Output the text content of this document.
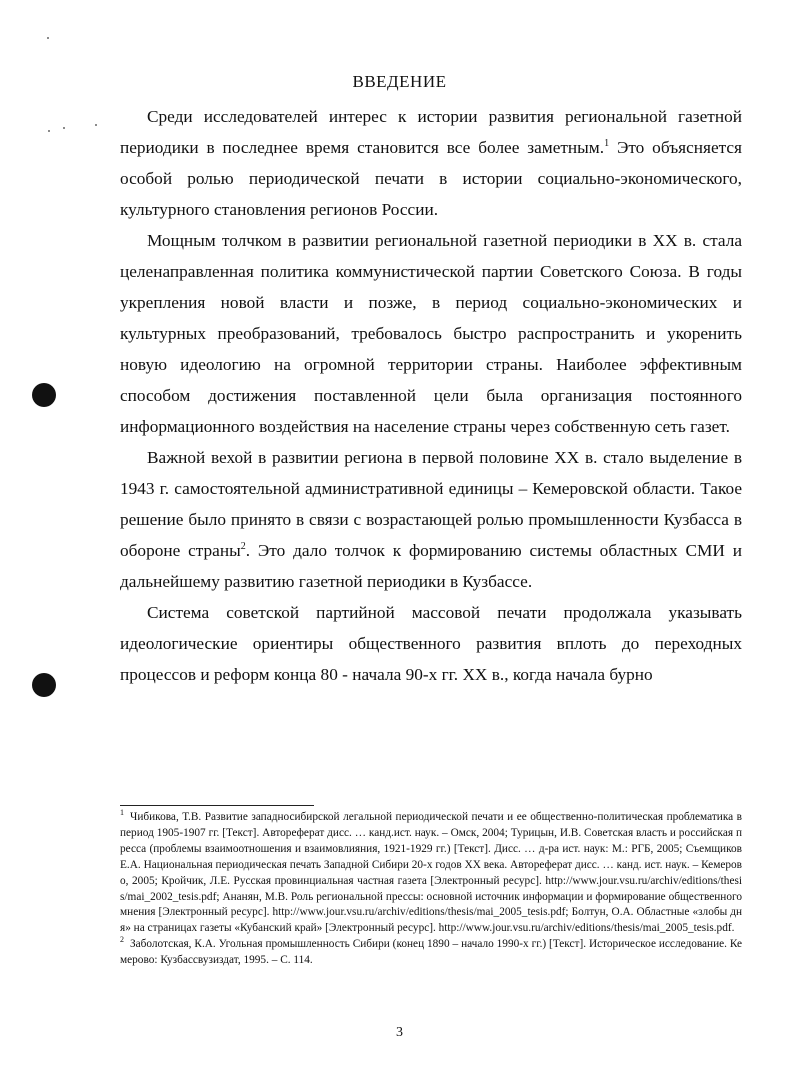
ВВЕДЕНИЕ

Среди исследователей интерес к истории развития региональной газетной периодики в последнее время становится все более заметным.$^1$ Это объясняется особой ролью периодической печати в истории социально-экономического, культурного становления регионов России.

Мощным толчком в развитии региональной газетной периодики в XX в. стала целенаправленная политика коммунистической партии Советского Союза. В годы укрепления новой власти и позже, в период социально-экономических и культурных преобразований, требовалось быстро распространить и укоренить новую идеологию на огромной территории страны. Наиболее эффективным способом достижения поставленной цели была организация постоянного информационного воздействия на население страны через собственную сеть газет.

Важной вехой в развитии региона в первой половине XX в. стало выделение в 1943 г. самостоятельной административной единицы – Кемеровской области. Такое решение было принято в связи с возрастающей ролью промышленности Кузбасса в обороне страны$^2$. Это дало толчок к формированию системы областных СМИ и дальнейшему развитию газетной периодики в Кузбассе.

Система советской партийной массовой печати продолжала указывать идеологические ориентиры общественного развития вплоть до переходных процессов и реформ конца 80 - начала 90-х гг. XX в., когда начала бурно

$^1$ Чибикова, Т.В. Развитие западносибирской легальной периодической печати и ее общественно-политическая проблематика в период 1905-1907 гг. [Текст]. Автореферат дисс. … канд.ист. наук. – Омск, 2004; Турицын, И.В. Советская власть и российская пресса (проблемы взаимоотношения и взаимовлияния, 1921-1929 гг.) [Текст]. Дисс. … д-ра ист. наук: М.: РГБ, 2005; Съемщиков Е.А. Национальная периодическая печать Западной Сибири 20-х годов XX века. Автореферат дисс. … канд. ист. наук. – Кемерово, 2005; Кройчик, Л.Е. Русская провинциальная частная газета [Электронный ресурс]. http://www.jour.vsu.ru/archiv/editions/thesis/mai_2002_tesis.pdf; Ананян, М.В. Роль региональной прессы: основной источник информации и формирование общественного мнения [Электронный ресурс]. http://www.jour.vsu.ru/archiv/editions/thesis/mai_2005_tesis.pdf; Болтун, О.А. Областные «злобы дня» на страницах газеты «Кубанский край» [Электронный ресурс]. http://www.jour.vsu.ru/archiv/editions/thesis/mai_2005_tesis.pdf.

$^2$ Заболотская, К.А. Угольная промышленность Сибири (конец 1890 – начало 1990-х гг.) [Текст]. Историческое исследование. Кемерово: Кузбассвузиздат, 1995. – С. 114.

3
